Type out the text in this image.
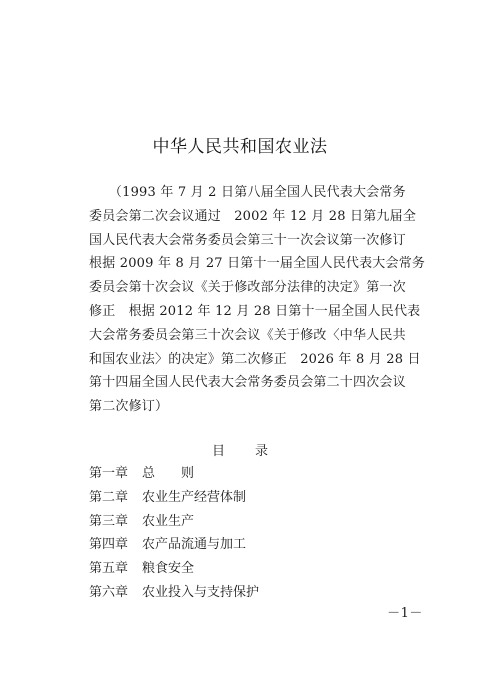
中华人民共和国农业法
　　（1993 年 7 月 2 日第八届全国人民代表大会常务
委员会第二次会议通过　2002 年 12 月 28 日第九届全
国人民代表大会常务委员会第三十一次会议第一次修订
根据 2009 年 8 月 27 日第十一届全国人民代表大会常务
委员会第十次会议《关于修改部分法律的决定》第一次
修正　根据 2012 年 12 月 28 日第十一届全国人民代表
大会常务委员会第三十次会议《关于修改〈中华人民共
和国农业法〉的决定》第二次修正　2026 年 8 月 28 日
第十四届全国人民代表大会常务委员会第二十四次会议
第二次修订）
目 录
第一章 总　　则
第二章 农业生产经营体制
第三章 农业生产
第四章 农产品流通与加工
第五章 粮食安全
第六章 农业投入与支持保护
－1－
